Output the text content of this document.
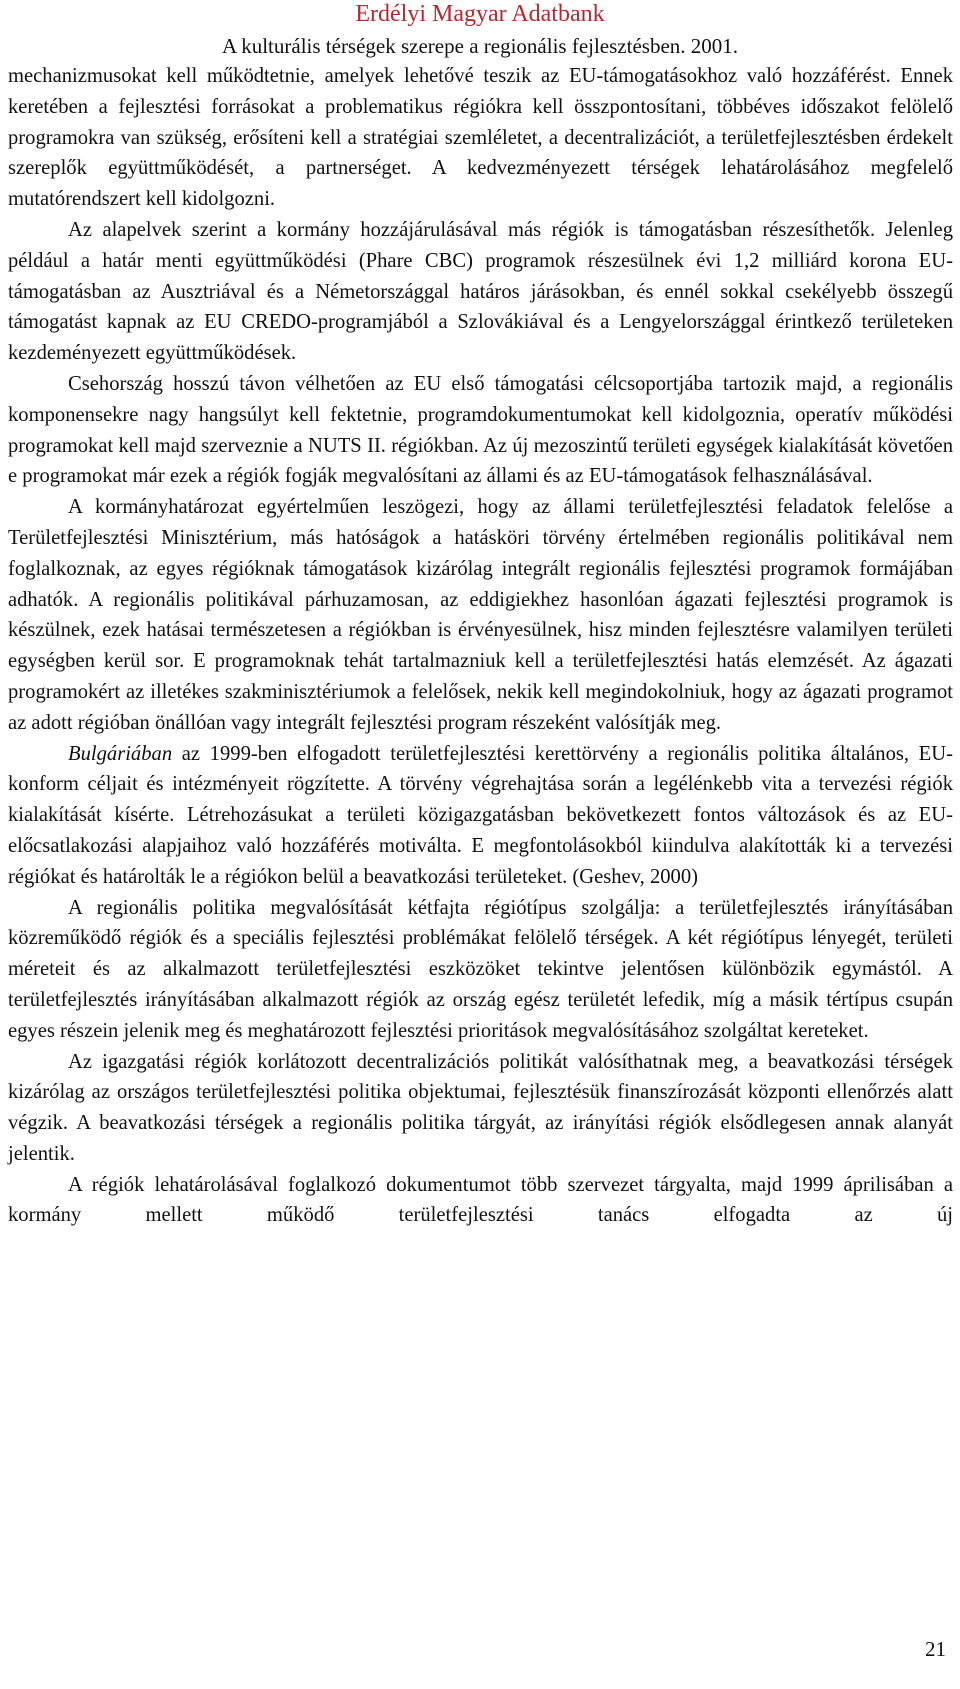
Erdélyi Magyar Adatbank
A kulturális térségek szerepe a regionális fejlesztésben. 2001.

mechanizmusokat kell működtetnie, amelyek lehetővé teszik az EU-támogatásokhoz való hozzáférést. Ennek keretében a fejlesztési forrásokat a problematikus régiókra kell összpontosítani, többéves időszakot felölelő programokra van szükség, erősíteni kell a stratégiai szemléletet, a decentralizációt, a területfejlesztésben érdekelt szereplők együttműködését, a partnerséget. A kedvezményezett térségek lehatárolásához megfelelő mutatórendszert kell kidolgozni.

Az alapelvek szerint a kormány hozzájárulásával más régiók is támogatásban részesíthetők. Jelenleg például a határ menti együttműködési (Phare CBC) programok részesülnek évi 1,2 milliárd korona EU-támogatásban az Ausztriával és a Németországgal határos járásokban, és ennél sokkal csekélyebb összegű támogatást kapnak az EU CREDO-programjából a Szlovákiával és a Lengyelországgal érintkező területeken kezdeményezett együttműködések.

Csehország hosszú távon vélhetően az EU első támogatási célcsoportjába tartozik majd, a regionális komponensekre nagy hangsúlyt kell fektetnie, programdokumentumokat kell kidolgoznia, operatív működési programokat kell majd szerveznie a NUTS II. régiókban. Az új mezoszintű területi egységek kialakítását követően e programokat már ezek a régiók fogják megvalósítani az állami és az EU-támogatások felhasználásával.

A kormányhatározat egyértelműen leszögezi, hogy az állami területfejlesztési feladatok felelőse a Területfejlesztési Minisztérium, más hatóságok a hatásköri törvény értelmében regionális politikával nem foglalkoznak, az egyes régióknak támogatások kizárólag integrált regionális fejlesztési programok formájában adhatók. A regionális politikával párhuzamosan, az eddigiekhez hasonlóan ágazati fejlesztési programok is készülnek, ezek hatásai természetesen a régiókban is érvényesülnek, hisz minden fejlesztésre valamilyen területi egységben kerül sor. E programoknak tehát tartalmazniuk kell a területfejlesztési hatás elemzését. Az ágazati programokért az illetékes szakminisztériumok a felelősek, nekik kell megindokolniuk, hogy az ágazati programot az adott régióban önállóan vagy integrált fejlesztési program részeként valósítják meg.

Bulgáriában az 1999-ben elfogadott területfejlesztési kerettörvény a regionális politika általános, EU-konform céljait és intézményeit rögzítette. A törvény végrehajtása során a legélénkebb vita a tervezési régiók kialakítását kísérte. Létrehozásukat a területi közigazgatásban bekövetkezett fontos változások és az EU-előcsatlakozási alapjaihoz való hozzáférés motiválta. E megfontolásokból kiindulva alakították ki a tervezési régiókat és határolták le a régiókon belül a beavatkozási területeket. (Geshev, 2000)

A regionális politika megvalósítását kétfajta régiótípus szolgálja: a területfejlesztés irányításában közreműködő régiók és a speciális fejlesztési problémákat felölelő térségek. A két régiótípus lényegét, területi méreteit és az alkalmazott területfejlesztési eszközöket tekintve jelentősen különbözik egymástól. A területfejlesztés irányításában alkalmazott régiók az ország egész területét lefedik, míg a másik tértípus csupán egyes részein jelenik meg és meghatározott fejlesztési prioritások megvalósításához szolgáltat kereteket.

Az igazgatási régiók korlátozott decentralizációs politikát valósíthatnak meg, a beavatkozási térségek kizárólag az országos területfejlesztési politika objektumai, fejlesztésük finanszírozását központi ellenőrzés alatt végzik. A beavatkozási térségek a regionális politika tárgyát, az irányítási régiók elsődlegesen annak alanyát jelentik.

A régiók lehatárolásával foglalkozó dokumentumot több szervezet tárgyalta, majd 1999 áprilisában a kormány mellett működő területfejlesztési tanács elfogadta az új

21
